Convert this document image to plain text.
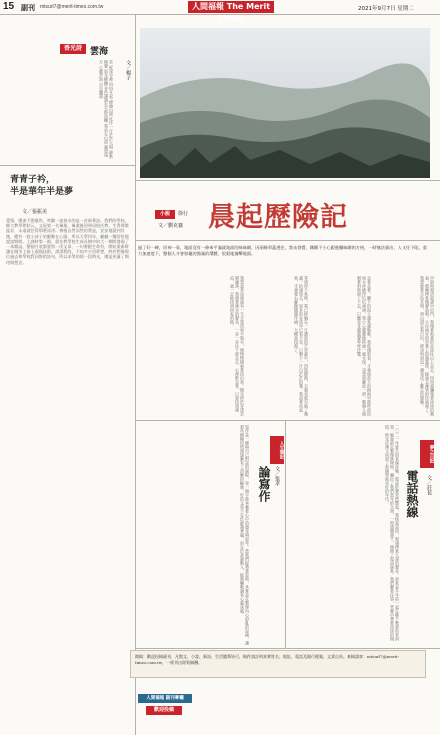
15 副刊 mtsurl7@merit-times.com.tw	人間福報 The Merit Times
2021年9月7日 星期二
香光詩 雲海
文／楊子
雲 從深谷裡 冉冉升起 繚繞山巒 化作一片茫茫大海 靜默無聲 晨光輕撫 金色漣漪在天際流轉 我站在山頂 凝望遠方 心隨雲海 自在飄蕩
青青子衿，
半是華年半是夢
文／張振美
愛情，總迷不開風吹，吹皺一池春水的是一首新華詩。我們的學校，師大教學和狀元，文星第一名畢業，畢業後回到母校任教，生得那麼溫存，永遠就住得那麼清淨。悔後自然而然的我是，安安地就到其後，總有一股小孩子的衝動在心頭，所以大學四年，翻翻一雙哈哈地說話期間。上課時第一節，就在教學校生成長期中的大一期間發現了一本雜誌，整個月底都要寫一次文章，一句書跟生命有，開始重新時讓在城市上接上頭與技術。漂漂我的，不知多少回夢想，終於想像那位過去和學校我同寫的詩句，所以求學的那一段時光，總是充滿了期待與想念。
小說	徐行
文／劉克襄 晨起歷險記
過了好一陣，回神一看，地面竟有一條來平滿就地面的絲絲網，因兩條翠蓋透住，我未發覺，剛剛不小心跟進纖絲網的方格，一時無法拔出，入又往下陷，重力加速度下，整個人才會如龜的強滿的環體，很狠地撞擊地面。
早晨時刻清晨趕早出門，我循著熟悉的步道往山上走去，四周還瀰漫著淡淡的霧氣，偶爾傳來幾聲鳥鳴。小徑兩旁的草葉上掛滿露珠，踩過去褲管很快就溼了。我想趁著天色未明，到山頂去看日出，卻沒料到這一趟竟成了難忘的歷險。
走著走著，腳下的泥土越來越鬆軟，我低頭察看，才發現前方的路面早被昨夜的雨水沖刷得坑坑洞洞。我小心翼翼地跨過一處水窪，沒想到腳底一滑，整個人便朝著斜坡滾了下去，只聽見耳邊風聲呼呼作響。
等到停下來時，我已經躺在一片濃密的芒草叢中，四肢擦傷，衣服也被勾破了幾處。抬頭望去，原本的步道早已看不見，只剩下一片白茫茫的霧。我試著站起來，才發覺右腳踝隱隱作痛，大概是扭傷了。
我想起背包裡還有一支手電筒和半瓶水，便慢慢摸索著找出來。陽光終於穿透雲層灑落，我循著溪水的聲音，一步一步往下游走去，心裡默念著，只要找到溪流，就一定能找到回家的路。
人生筆記
論寫作 文／張孝
寫作是一種與自己對話的過程，每一個字都承載著心中的感受與思考。當我們提筆書寫時，其實是在整理內心紛亂的思緒，讓那些模糊的情感逐漸有了清晰的輪廓。好的文章不在於辭藻華麗，而在於真誠動人，能夠觸動讀者心靈深處。	夢之日記
電話熱線	文／莊苞
二〇二一年夏天的某個夜晚，電話鈴聲突然響起，我接起話筒，那頭傳來久違的聲音。原來是多年前一起在鄉下教書的老同事，她說最近整理舊物時，翻出了我們當年的合照，一時感慨萬千，便撥了電話過來。我們聊著往事，笑聲中帶著淡淡的惆悵，時光彷彿又回到了那個單純美好的年代。
徵稿：歡迎投稿副刊，凡散文、小說、新詩、生活隨筆皆可，稿件請註明真實姓名、地址、電話及銀行帳號，文責自負。來稿請寄：mtsurl7@merit-times.com.tw，一經刊出即致稿酬。
人間福報 副刊專欄
歡迎投稿
